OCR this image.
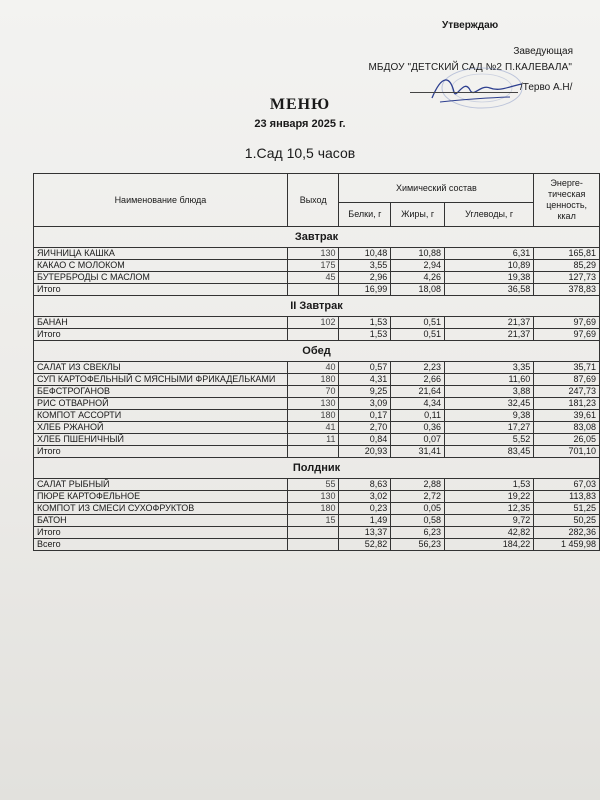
Утверждаю
Заведующая
МБДОУ "ДЕТСКИЙ САД №2 П.КАЛЕВАЛА"
/Терво А.Н/
МЕНЮ
23 января 2025 г.
1.Сад 10,5 часов
Наименование блюда	Выход	Химический состав			Энерге-тическая ценность, ккал
		Белки, г	Жиры, г	Углеводы, г	
Завтрак					
ЯИЧНИЦА КАШКА	130	10,48	10,88	6,31	165,81
КАКАО С МОЛОКОМ	175	3,55	2,94	10,89	85,29
БУТЕРБРОДЫ С МАСЛОМ	45	2,96	4,26	19,38	127,73
Итого		16,99	18,08	36,58	378,83
II Завтрак					
БАНАН	102	1,53	0,51	21,37	97,69
Итого		1,53	0,51	21,37	97,69
Обед					
САЛАТ ИЗ СВЕКЛЫ	40	0,57	2,23	3,35	35,71
СУП КАРТОФЕЛЬНЫЙ С МЯСНЫМИ ФРИКАДЕЛЬКАМИ	180	4,31	2,66	11,60	87,69
БЕФСТРОГАНОВ	70	9,25	21,64	3,88	247,73
РИС ОТВАРНОЙ	130	3,09	4,34	32,45	181,23
КОМПОТ АССОРТИ	180	0,17	0,11	9,38	39,61
ХЛЕБ РЖАНОЙ	41	2,70	0,36	17,27	83,08
ХЛЕБ ПШЕНИЧНЫЙ	11	0,84	0,07	5,52	26,05
Итого		20,93	31,41	83,45	701,10
Полдник					
САЛАТ РЫБНЫЙ	55	8,63	2,88	1,53	67,03
ПЮРЕ КАРТОФЕЛЬНОЕ	130	3,02	2,72	19,22	113,83
КОМПОТ ИЗ СМЕСИ СУХОФРУКТОВ	180	0,23	0,05	12,35	51,25
БАТОН	15	1,49	0,58	9,72	50,25
Итого		13,37	6,23	42,82	282,36
Всего		52,82	56,23	184,22	1 459,98
